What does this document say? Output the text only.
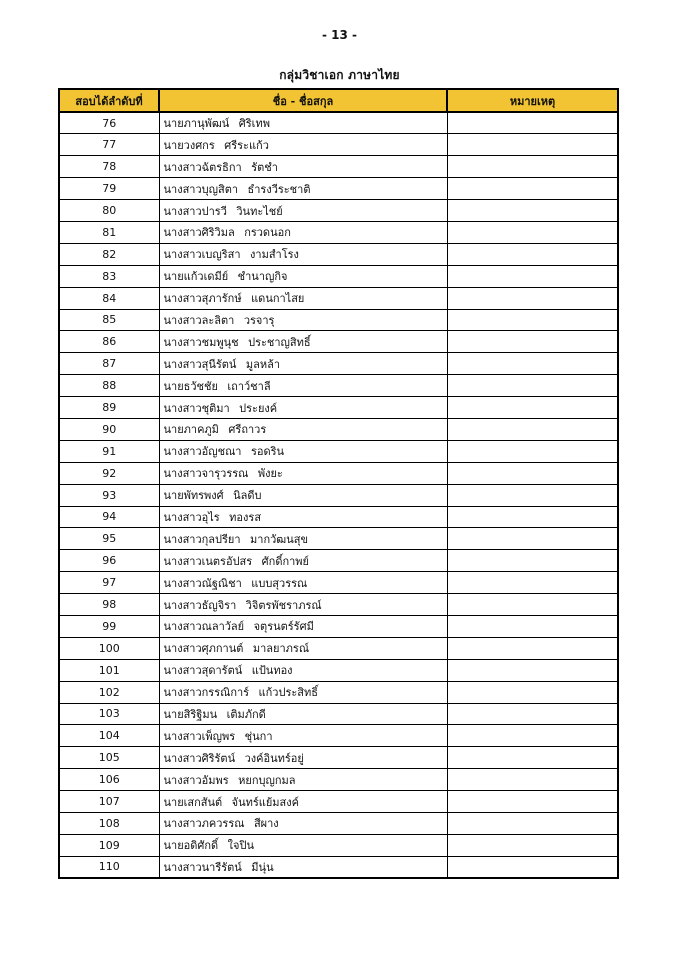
- 13 -
กลุ่มวิชาเอก ภาษาไทย
สอบได้ลำดับที่	ชื่อ - ชื่อสกุล	หมายเหตุ
76	นายภานุพัฒน์ ศิริเทพ	
77	นายวงศกร ศรีระแก้ว	
78	นางสาวฉัตรธิกา รัตชำ	
79	นางสาวบุญสิตา ธำรงวีระชาติ	
80	นางสาวปารวี วินทะไชย์	
81	นางสาวศิริวิมล กรวดนอก	
82	นางสาวเบญริสา งามสำโรง	
83	นายแก้วเดมีย์ ชำนาญกิจ	
84	นางสาวสุภารักษ์ แดนกาไสย	
85	นางสาวละลิตา วรจารุ	
86	นางสาวชมพูนุช ประชาญสิทธิ์	
87	นางสาวสุนีรัตน์ มูลหล้า	
88	นายธวัชชัย เถาว์ชาลี	
89	นางสาวชุติมา ประยงค์	
90	นายภาคภูมิ ศรีถาวร	
91	นางสาวอัญชณา รอดริน	
92	นางสาวจารุวรรณ พังยะ	
93	นายพัทรพงศ์ นิลดีบ	
94	นางสาวอุไร ทองรส	
95	นางสาวกุลปรียา มากวัฒนสุข	
96	นางสาวเนตรอัปสร ศักดิ์กาพย์	
97	นางสาวณัฐณิชา แบบสุวรรณ	
98	นางสาวธัญจิรา วิจิตรพัชราภรณ์	
99	นางสาวณลาวัลย์ จตุรนตร์รัศมี	
100	นางสาวศุภกานต์ มาลยาภรณ์	
101	นางสาวสุดารัตน์ แป้นทอง	
102	นางสาวกรรณิการ์ แก้วประสิทธิ์	
103	นายสิริฐิมน เติมภักดี	
104	นางสาวเพ็ญพร ชุ่นกา	
105	นางสาวศิริรัตน์ วงค์อินทร์อยู่	
106	นางสาวอัมพร หยกบุญกมล	
107	นายเสกสันต์ จันทร์แย้มสงค์	
108	นางสาวภควรรณ สีผาง	
109	นายอดิศักดิ์ ใจปิน	
110	นางสาวนารีรัตน์ มีนุ่น	
